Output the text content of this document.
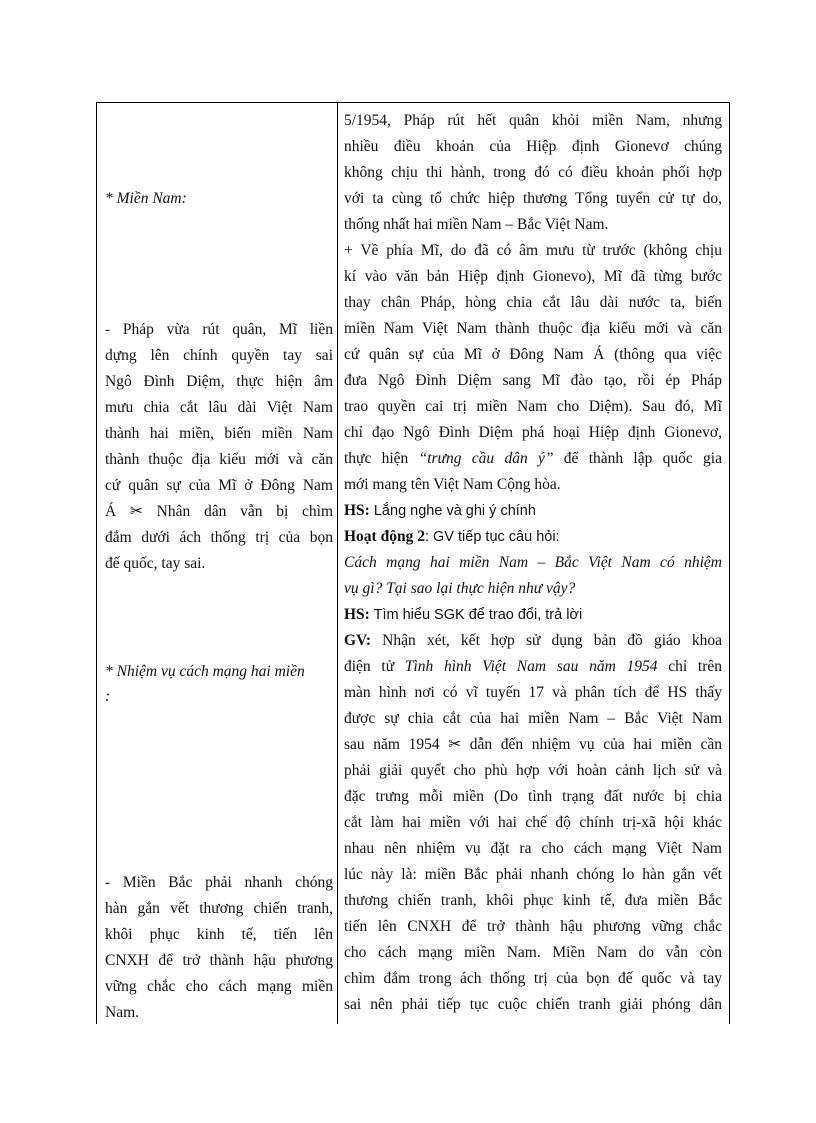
* Miền Nam:
- Pháp vừa rút quân, Mĩ liền
dựng lên chính quyền tay sai
Ngô Đình Diệm, thực hiện âm
mưu chia cắt lâu dài Việt Nam
thành hai miền, biến miền Nam
thành thuộc địa kiểu mới và căn
cứ quân sự của Mĩ ở Đông Nam
Á ✂ Nhân dân vẫn bị chìm
đắm dưới ách thống trị của bọn
đế quốc, tay sai.
* Nhiệm vụ cách mạng hai miền
:
- Miền Bắc phải nhanh chóng
hàn gắn vết thương chiến tranh,
khôi phục kinh tế, tiến lên
CNXH để trở thành hậu phương
vững chắc cho cách mạng miền
Nam.
5/1954, Pháp rút hết quân khỏi miền Nam, nhưng
nhiều điều khoản của Hiệp định Gionevơ chúng
không chịu thi hành, trong đó có điều khoản phối hợp
với ta cùng tổ chức hiệp thương Tổng tuyển cử tự do,
thống nhất hai miền Nam – Bắc Việt Nam.
+ Về phía Mĩ, do đã có âm mưu từ trước (không chịu
kí vào văn bản Hiệp định Gionevo), Mĩ đã từng bước
thay chân Pháp, hòng chia cắt lâu dài nước ta, biến
miền Nam Việt Nam thành thuộc địa kiểu mới và căn
cứ quân sự của Mĩ ở Đông Nam Á (thông qua việc
đưa Ngô Đình Diệm sang Mĩ đào tạo, rồi ép Pháp
trao quyền cai trị miền Nam cho Diệm). Sau đó, Mĩ
chỉ đạo Ngô Đình Diệm phá hoại Hiệp định Gionevơ,
thực hiện “trưng cầu dân ý” để thành lập quốc gia
mới mang tên Việt Nam Cộng hòa.
HS: Lắng nghe và ghi ý chính
Hoạt động 2: GV tiếp tục câu hỏi:
Cách mạng hai miền Nam – Bắc Việt Nam có nhiệm
vụ gì? Tại sao lại thực hiện như vậy?
HS: Tìm hiểu SGK để trao đổi, trả lời
GV: Nhận xét, kết hợp sử dụng bản đồ giáo khoa
điện tử Tình hình Việt Nam sau năm 1954 chỉ trên
màn hình nơi có vĩ tuyến 17 và phân tích để HS thấy
được sự chia cắt của hai miền Nam – Bắc Việt Nam
sau năm 1954 ✂ dẫn đến nhiệm vụ của hai miền cần
phải giải quyết cho phù hợp với hoàn cảnh lịch sử và
đặc trưng mỗi miền (Do tình trạng đất nước bị chia
cắt làm hai miền với hai chế độ chính trị-xã hội khác
nhau nên nhiệm vụ đặt ra cho cách mạng Việt Nam
lúc này là: miền Bắc phải nhanh chóng lo hàn gắn vết
thương chiến tranh, khôi phục kinh tế, đưa miền Bắc
tiến lên CNXH để trở thành hậu phương vững chắc
cho cách mạng miền Nam. Miền Nam do vẫn còn
chìm đắm trong ách thống trị của bọn đế quốc và tay
sai nên phải tiếp tục cuộc chiến tranh giải phóng dân
